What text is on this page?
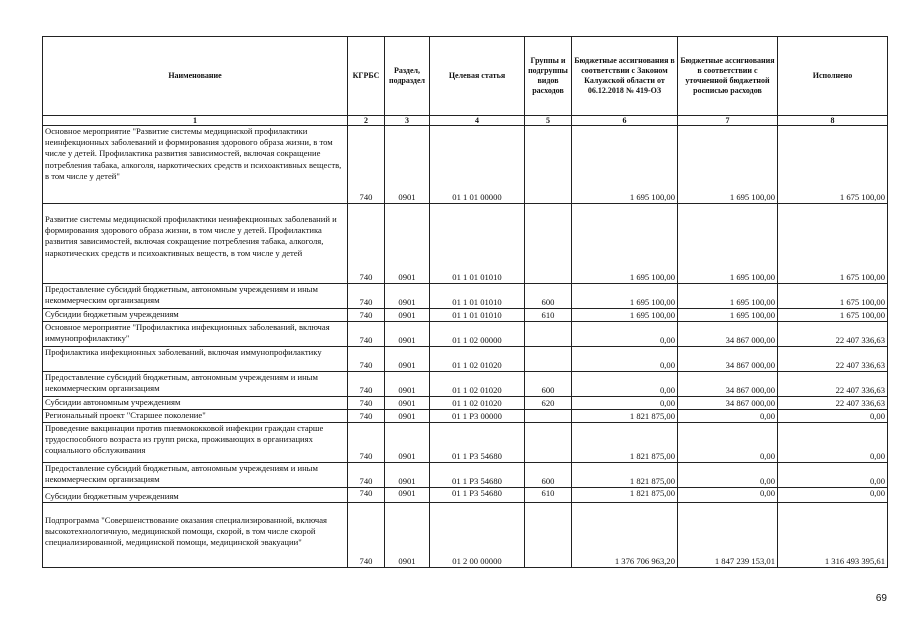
Наименование	КГРБС	Раздел, подраздел	Целевая статья	Группы и подгруппы видов расходов	Бюджетные ассигнования в соответствии с Законом Калужской области от 06.12.2018 № 419-ОЗ	Бюджетные ассигнования в соответствии с уточненной бюджетной росписью расходов	Исполнено
1	2	3	4	5	6	7	8
Основное мероприятие "Развитие системы медицинской профилактики неинфекционных заболеваний и формирования здорового образа жизни, в том числе у детей. Профилактика развития зависимостей, включая сокращение потребления табака, алкоголя, наркотических средств и психоактивных веществ, в том числе у детей"	740	0901	01 1 01 00000		1 695 100,00	1 695 100,00	1 675 100,00
Развитие системы медицинской профилактики неинфекционных заболеваний и формирования здорового образа жизни, в том числе у детей. Профилактика развития зависимостей, включая сокращение потребления табака, алкоголя, наркотических средств и психоактивных веществ, в том числе у детей	740	0901	01 1 01 01010		1 695 100,00	1 695 100,00	1 675 100,00
Предоставление субсидий бюджетным, автономным учреждениям и иным некоммерческим организациям	740	0901	01 1 01 01010	600	1 695 100,00	1 695 100,00	1 675 100,00
Субсидии бюджетным учреждениям	740	0901	01 1 01 01010	610	1 695 100,00	1 695 100,00	1 675 100,00
Основное мероприятие "Профилактика инфекционных заболеваний, включая иммунопрофилактику"	740	0901	01 1 02 00000		0,00	34 867 000,00	22 407 336,63
Профилактика инфекционных заболеваний, включая иммунопрофилактику	740	0901	01 1 02 01020		0,00	34 867 000,00	22 407 336,63
Предоставление субсидий бюджетным, автономным учреждениям и иным некоммерческим организациям	740	0901	01 1 02 01020	600	0,00	34 867 000,00	22 407 336,63
Субсидии автономным учреждениям	740	0901	01 1 02 01020	620	0,00	34 867 000,00	22 407 336,63
Региональный проект "Старшее поколение"	740	0901	01 1 P3 00000		1 821 875,00	0,00	0,00
Проведение вакцинации против пневмококковой инфекции граждан старше трудоспособного возраста из групп риска, проживающих в организациях социального обслуживания	740	0901	01 1 P3 54680		1 821 875,00	0,00	0,00
Предоставление субсидий бюджетным, автономным учреждениям и иным некоммерческим организациям	740	0901	01 1 P3 54680	600	1 821 875,00	0,00	0,00
Субсидии бюджетным учреждениям	740	0901	01 1 P3 54680	610	1 821 875,00	0,00	0,00
Подпрограмма "Совершенствование оказания специализированной, включая высокотехнологичную, медицинской помощи, скорой, в том числе скорой специализированной, медицинской помощи, медицинской эвакуации"	740	0901	01 2 00 00000		1 376 706 963,20	1 847 239 153,01	1 316 493 395,61
69
